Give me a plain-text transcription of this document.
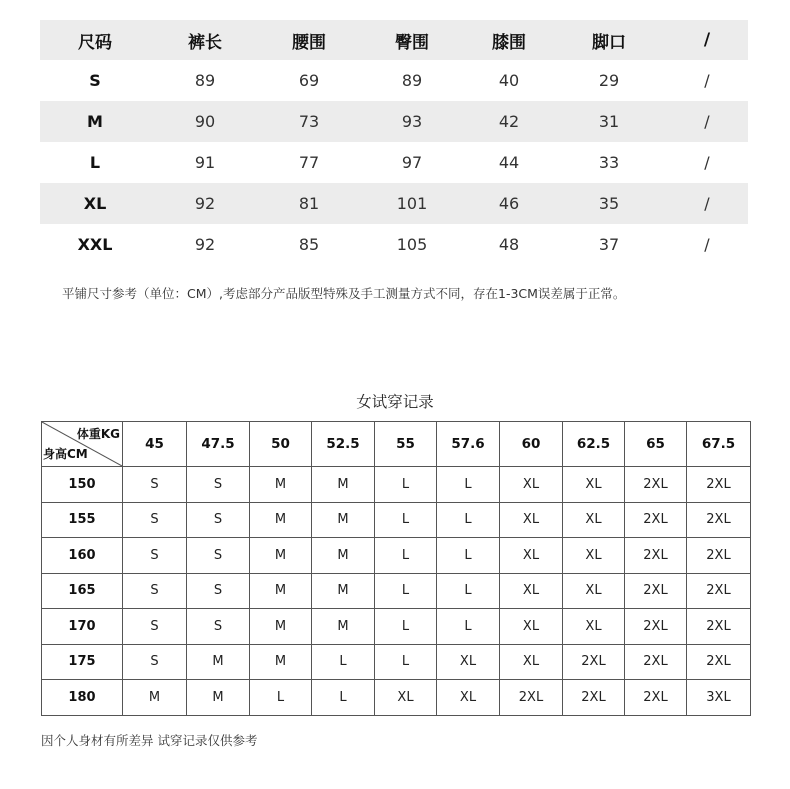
尺码	裤长	腰围	臀围	膝围	脚口	/
S	89	69	89	40	29	/
M	90	73	93	42	31	/
L	91	77	97	44	33	/
XL	92	81	101	46	35	/
XXL	92	85	105	48	37	/
平铺尺寸参考（单位：CM）,考虑部分产品版型特殊及手工测量方式不同，存在1-3CM误差属于正常。
女试穿记录
体重KG
身高CM	45	47.5	50	52.5	55	57.6	60	62.5	65	67.5
150	S	S	M	M	L	L	XL	XL	2XL	2XL
155	S	S	M	M	L	L	XL	XL	2XL	2XL
160	S	S	M	M	L	L	XL	XL	2XL	2XL
165	S	S	M	M	L	L	XL	XL	2XL	2XL
170	S	S	M	M	L	L	XL	XL	2XL	2XL
175	S	M	M	L	L	XL	XL	2XL	2XL	2XL
180	M	M	L	L	XL	XL	2XL	2XL	2XL	3XL
因个人身材有所差异 试穿记录仅供参考
